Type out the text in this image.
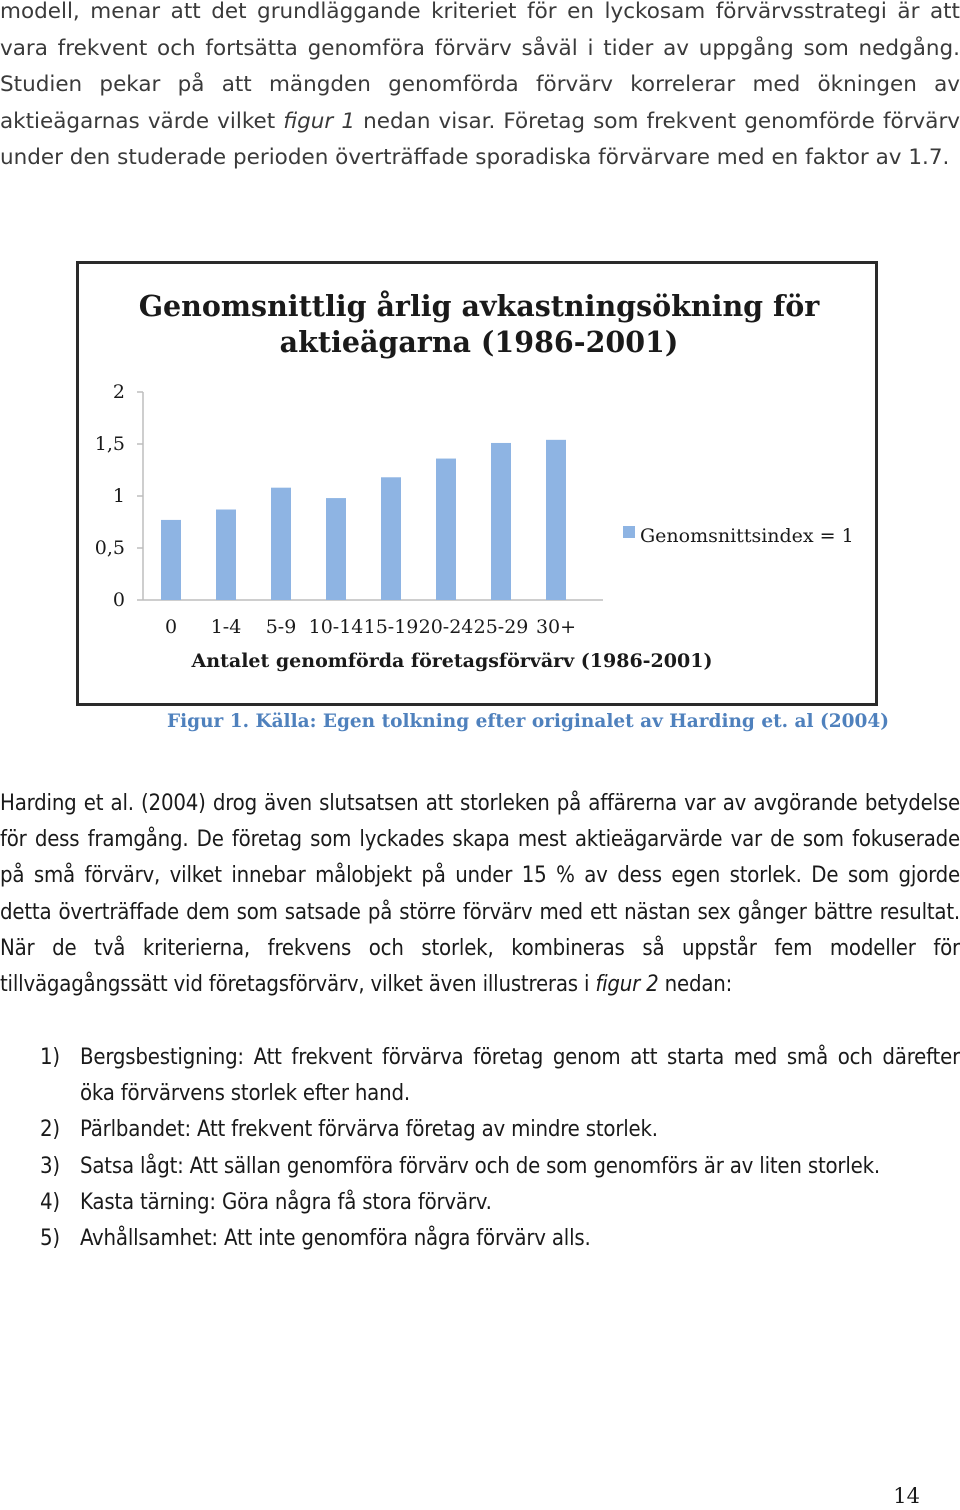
modell, menar att det grundläggande kriteriet för en lyckosam förvärvsstrategi är att vara frekvent och fortsätta genomföra förvärv såväl i tider av uppgång som nedgång. Studien pekar på att mängden genomförda förvärv korrelerar med ökningen av aktieägarnas värde vilket figur 1 nedan visar. Företag som frekvent genomförde förvärv under den studerade perioden överträffade sporadiska förvärvare med en faktor av 1.7.

Genomsnittlig årlig avkastningsökning för
aktieägarna (1986-2001)
0
0,5
1
1,5
2
0 1-4 5-9 10-14 15-19 20-24 25-29 30+
Antalet genomförda företagsförvärv (1986-2001)
Genomsnittsindex = 1

Figur 1. Källa: Egen tolkning efter originalet av Harding et. al (2004)

Harding et al. (2004) drog även slutsatsen att storleken på affärerna var av avgörande betydelse för dess framgång. De företag som lyckades skapa mest aktieägarvärde var de som fokuserade på små förvärv, vilket innebar målobjekt på under 15 % av dess egen storlek. De som gjorde detta överträffade dem som satsade på större förvärv med ett nästan sex gånger bättre resultat. När de två kriterierna, frekvens och storlek, kombineras så uppstår fem modeller för tillvägagångssätt vid företagsförvärv, vilket även illustreras i figur 2 nedan:

1) Bergsbestigning: Att frekvent förvärva företag genom att starta med små och därefter öka förvärvens storlek efter hand.
2) Pärlbandet: Att frekvent förvärva företag av mindre storlek.
3) Satsa lågt: Att sällan genomföra förvärv och de som genomförs är av liten storlek.
4) Kasta tärning: Göra några få stora förvärv.
5) Avhållsamhet: Att inte genomföra några förvärv alls.
14
